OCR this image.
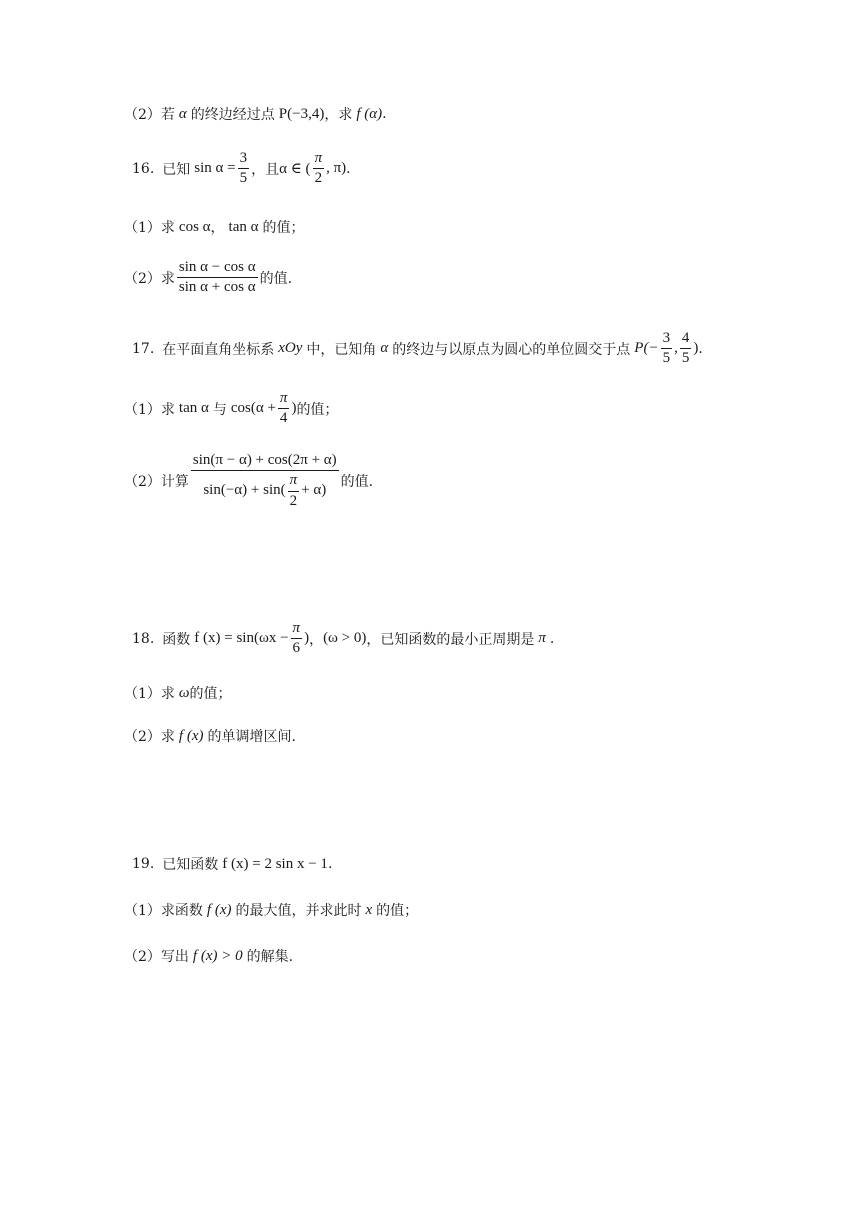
（2） 若 α 的终边经过点 P(−3,4) ，求 f (α) .
16. 已知 $\sin \alpha = \frac{3}{5}$ ，且 α ∈ ( $\frac{\pi}{2}$ , π) .
（1） 求 cos α ， tan α 的值；
（2） 求 $\frac{\text{sin α − cos α}}{\text{sin α + cos α}}$ 的值.
17. 在平面直角坐标系 xOy 中，已知角 α 的终边与以原点为圆心的单位圆交于点 $P(- \frac{3}{5}$ , $\frac{4}{5}$ ) .
（1） 求 tan α 与 $\cos(\alpha + \frac{\pi}{4}$ ) 的值；
（2） 计算 $\frac{\sin(\pi - \alpha) + \cos(2\pi + \alpha)}{\sin(-\alpha) + \sin( \frac{\pi}{2} + \alpha)}$ 的值.
18. 函数 f $(x) = \sin(\omega x - \frac{\pi}{6}$ ) ， (ω > 0) ，已知函数的最小正周期是 π .
（1） 求 ω 的值；
（2） 求 f (x) 的单调增区间.
19. 已知函数 f (x) = 2 sin x − 1 .
（1） 求函数 f (x) 的最大值，并求此时 x 的值；
（2） 写出 f (x) > 0 的解集.
